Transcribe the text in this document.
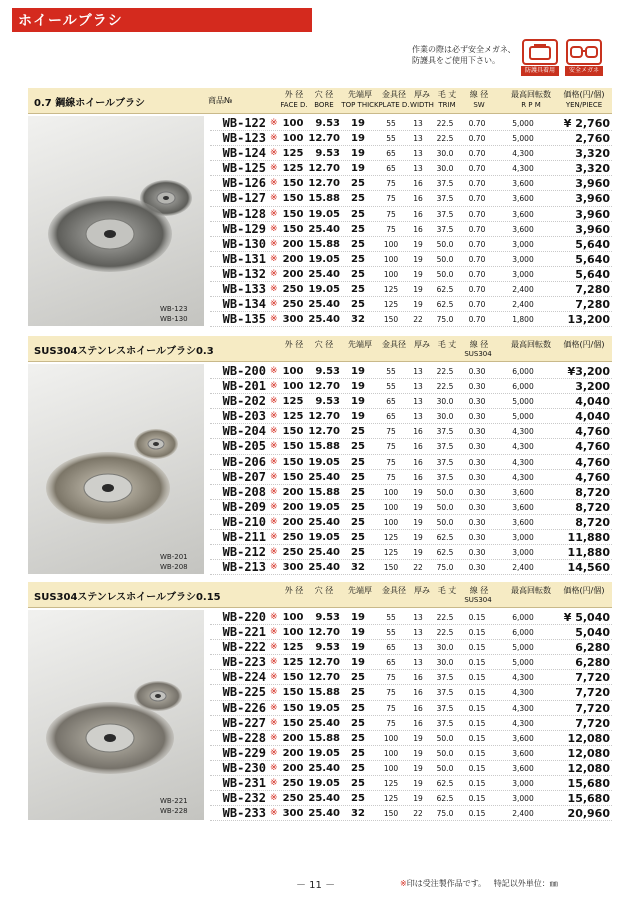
ホイールブラシ
作業の際は必ず安全メガネ、
防護具をご使用下さい。
防護具着用	安全メガネ
0.7 鋼線ホイールブラシ	商品№
外 径
FACE D.
穴 径
BORE
先端厚
TOP THICK
金具径
PLATE D.
厚み
WIDTH
毛 丈
TRIM
線 径
SW
最高回転数
R P M
価格(円/個)
YEN/PIECE
WB-123
WB-130
WB-122 ※ 100	9.53	19	55	13	22.5	0.70	5,000	¥ 2,760
WB-123 ※ 100 12.70	19	55	13	22.5	0.70	5,000	2,760
WB-124 ※ 125	9.53	19	65	13	30.0	0.70	4,300	3,320
WB-125 ※ 125 12.70	19	65	13	30.0	0.70	4,300	3,320
WB-126 ※ 150 12.70	25	75	16	37.5	0.70	3,600	3,960
WB-127 ※ 150 15.88	25	75	16	37.5	0.70	3,600	3,960
WB-128 ※ 150 19.05	25	75	16	37.5	0.70	3,600	3,960
WB-129 ※ 150 25.40	25	75	16	37.5	0.70	3,600	3,960
WB-130 ※ 200 15.88	25	100	19	50.0	0.70	3,000	5,640
WB-131 ※ 200 19.05	25	100	19	50.0	0.70	3,000	5,640
WB-132 ※ 200 25.40	25	100	19	50.0	0.70	3,000	5,640
WB-133 ※ 250 19.05	25	125	19	62.5	0.70	2,400	7,280
WB-134 ※ 250 25.40	25	125	19	62.5	0.70	2,400	7,280
WB-135 ※ 300 25.40	32	150	22	75.0	0.70	1,800	13,200
SUS304ステンレスホイールブラシ0.3
外 径	穴 径	先端厚	金具径	厚み 毛 丈	線 径
SUS304
最高回転数	価格(円/個)
WB-201
WB-208
WB-200 ※ 100	9.53	19	55	13	22.5	0.30	6,000	¥3,200
WB-201 ※ 100 12.70	19	55	13	22.5	0.30	6,000	3,200
WB-202 ※ 125	9.53	19	65	13	30.0	0.30	5,000	4,040
WB-203 ※ 125 12.70	19	65	13	30.0	0.30	5,000	4,040
WB-204 ※ 150 12.70	25	75	16	37.5	0.30	4,300	4,760
WB-205 ※ 150 15.88	25	75	16	37.5	0.30	4,300	4,760
WB-206 ※ 150 19.05	25	75	16	37.5	0.30	4,300	4,760
WB-207 ※ 150 25.40	25	75	16	37.5	0.30	4,300	4,760
WB-208 ※ 200 15.88	25	100	19	50.0	0.30	3,600	8,720
WB-209 ※ 200 19.05	25	100	19	50.0	0.30	3,600	8,720
WB-210 ※ 200 25.40	25	100	19	50.0	0.30	3,600	8,720
WB-211 ※ 250 19.05	25	125	19	62.5	0.30	3,000	11,880
WB-212 ※ 250 25.40	25	125	19	62.5	0.30	3,000	11,880
WB-213 ※ 300 25.40	32	150	22	75.0	0.30	2,400	14,560
SUS304ステンレスホイールブラシ0.15
外 径	穴 径	先端厚	金具径	厚み 毛 丈	線 径
SUS304
最高回転数	価格(円/個)
WB-221
WB-228
WB-220 ※ 100	9.53	19	55	13	22.5	0.15	6,000	¥ 5,040
WB-221 ※ 100 12.70	19	55	13	22.5	0.15	6,000	5,040
WB-222 ※ 125	9.53	19	65	13	30.0	0.15	5,000	6,280
WB-223 ※ 125 12.70	19	65	13	30.0	0.15	5,000	6,280
WB-224 ※ 150 12.70	25	75	16	37.5	0.15	4,300	7,720
WB-225 ※ 150 15.88	25	75	16	37.5	0.15	4,300	7,720
WB-226 ※ 150 19.05	25	75	16	37.5	0.15	4,300	7,720
WB-227 ※ 150 25.40	25	75	16	37.5	0.15	4,300	7,720
WB-228 ※ 200 15.88	25	100	19	50.0	0.15	3,600	12,080
WB-229 ※ 200 19.05	25	100	19	50.0	0.15	3,600	12,080
WB-230 ※ 200 25.40	25	100	19	50.0	0.15	3,600	12,080
WB-231 ※ 250 19.05	25	125	19	62.5	0.15	3,000	15,680
WB-232 ※ 250 25.40	25	125	19	62.5	0.15	3,000	15,680
WB-233 ※ 300 25.40	32	150	22	75.0	0.15	2,400	20,960
－ 11 －	※印は受注製作品です。 特記以外単位：㎜
